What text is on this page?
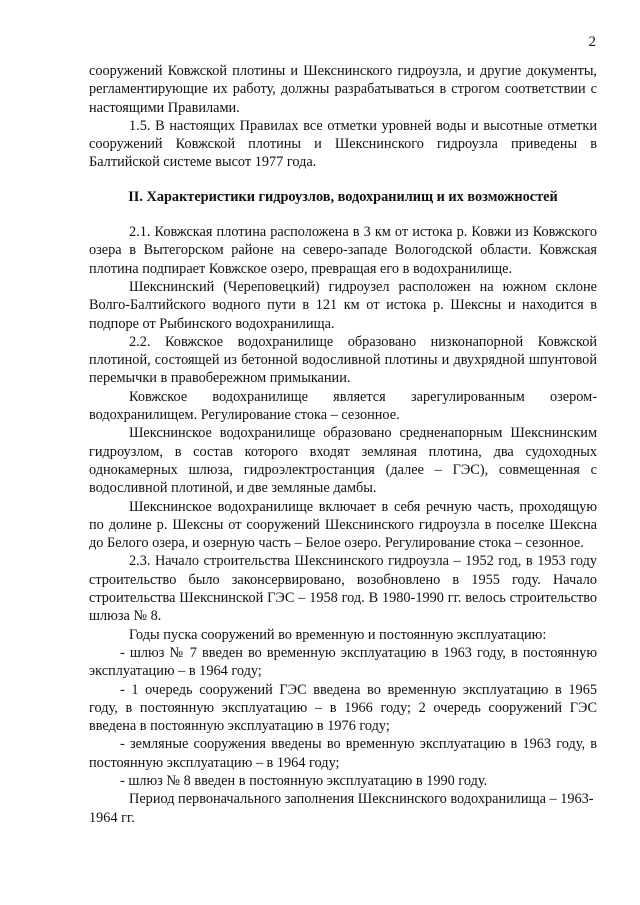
2

сооружений Ковжской плотины и Шекснинского гидроузла, и другие документы, регламентирующие их работу, должны разрабатываться в строгом соответствии с настоящими Правилами.

1.5. В настоящих Правилах все отметки уровней воды и высотные отметки сооружений Ковжской плотины и Шекснинского гидроузла приведены в Балтийской системе высот 1977 года.

II. Характеристики гидроузлов, водохранилищ и их возможностей

2.1. Ковжская плотина расположена в 3 км от истока р. Ковжи из Ковжского озера в Вытегорском районе на северо-западе Вологодской области. Ковжская плотина подпирает Ковжское озеро, превращая его в водохранилище.

Шекснинский (Череповецкий) гидроузел расположен на южном склоне Волго-Балтийского водного пути в 121 км от истока р. Шексны и находится в подпоре от Рыбинского водохранилища.

2.2. Ковжское водохранилище образовано низконапорной Ковжской плотиной, состоящей из бетонной водосливной плотины и двухрядной шпунтовой перемычки в правобережном примыкании.

Ковжское водохранилище является зарегулированным озером-водохранилищем. Регулирование стока – сезонное.

Шекснинское водохранилище образовано средненапорным Шекснинским гидроузлом, в состав которого входят земляная плотина, два судоходных однокамерных шлюза, гидроэлектростанция (далее – ГЭС), совмещенная с водосливной плотиной, и две земляные дамбы.

Шекснинское водохранилище включает в себя речную часть, проходящую по долине р. Шексны от сооружений Шекснинского гидроузла в поселке Шексна до Белого озера, и озерную часть – Белое озеро. Регулирование стока – сезонное.

2.3. Начало строительства Шекснинского гидроузла – 1952 год, в 1953 году строительство было законсервировано, возобновлено в 1955 году. Начало строительства Шекснинской ГЭС – 1958 год. В 1980-1990 гг. велось строительство шлюза № 8.

Годы пуска сооружений во временную и постоянную эксплуатацию:

- шлюз № 7 введен во временную эксплуатацию в 1963 году, в постоянную эксплуатацию – в 1964 году;

- 1 очередь сооружений ГЭС введена во временную эксплуатацию в 1965 году, в постоянную эксплуатацию – в 1966 году; 2 очередь сооружений ГЭС введена в постоянную эксплуатацию в 1976 году;

- земляные сооружения введены во временную эксплуатацию в 1963 году, в постоянную эксплуатацию – в 1964 году;

- шлюз № 8 введен в постоянную эксплуатацию в 1990 году.

Период первоначального заполнения Шекснинского водохранилища – 1963-1964 гг.
